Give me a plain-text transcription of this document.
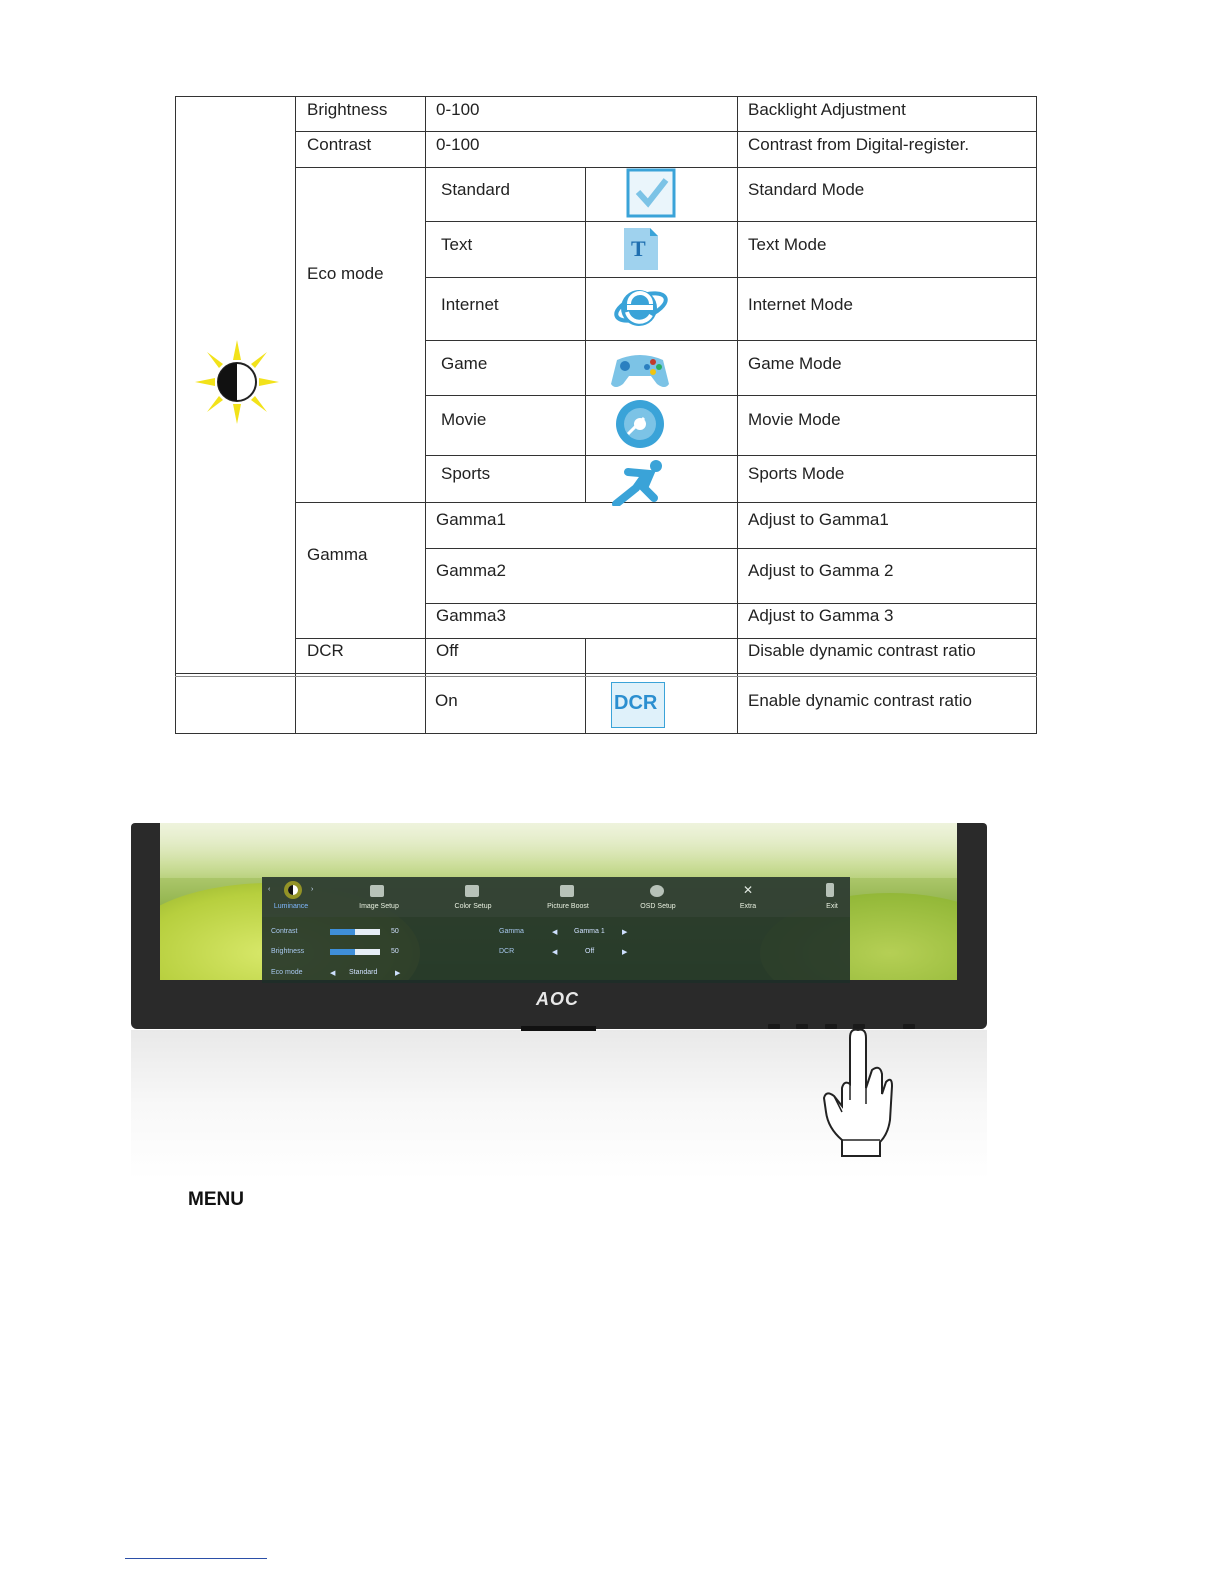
Brightness	0-100	Backlight Adjustment
Contrast	0-100	Contrast from Digital-register.
Eco mode
Standard	Standard Mode
Text	Text Mode
T
Internet	Internet Mode
Game	Game Mode
Movie	Movie Mode
Sports	Sports Mode
Gamma
Gamma1	Adjust to Gamma1
Gamma2	Adjust to Gamma 2
Gamma3	Adjust to Gamma 3
DCR	Off	Disable dynamic contrast ratio
On	Enable dynamic contrast ratio
DCR
‹	›
Luminance	Image Setup	Color Setup	Picture Boost	OSD Setup
✕
Extra	Exit
Contrast	50
Brightness	50
Eco mode	◀ Standard	▶
Gamma	◀ Gamma 1 ▶
DCR	◀	Off	▶
AOC
MENU
